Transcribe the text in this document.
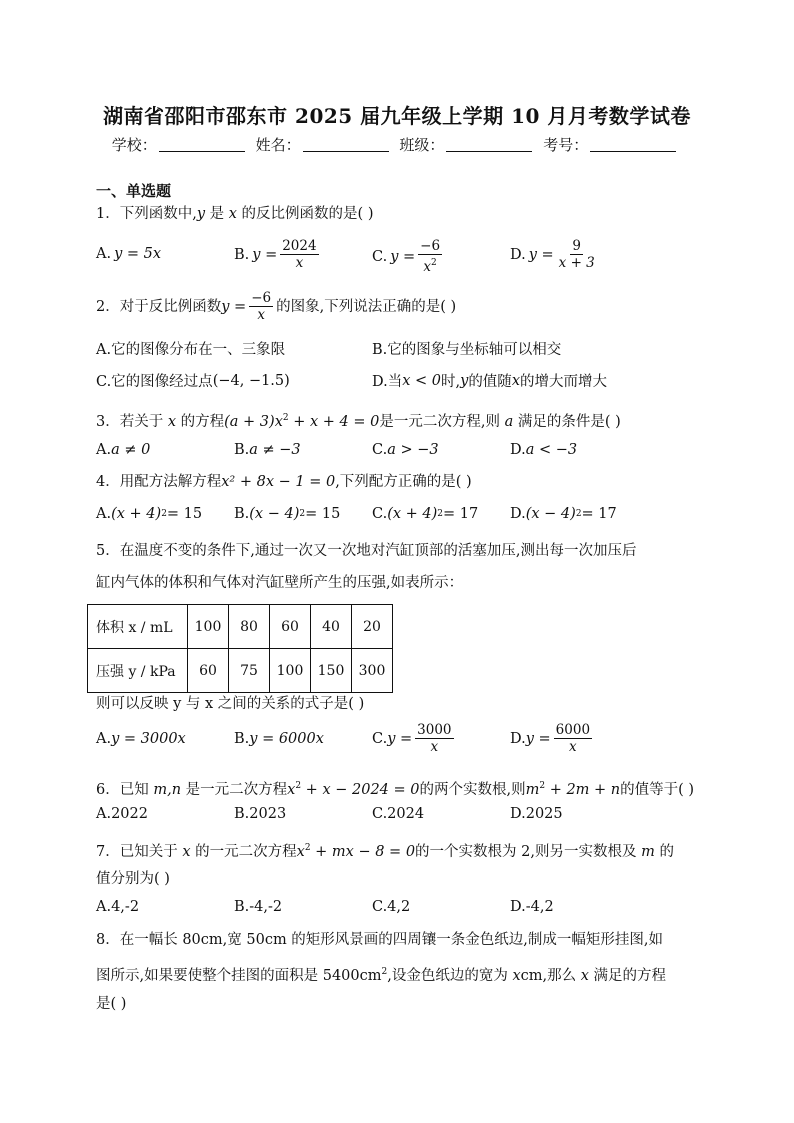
湖南省邵阳市邵东市 2025 届九年级上学期 10 月月考数学试卷
学校：	姓名：	班级：	考号：
一、单选题
1．下列函数中,y 是 x 的反比例函数的是( )
A. y = 5x	B. $y = \frac{2024}{x}$	C. $y = \frac{-6}{x^2}$	D. $y = \frac{9}{x + 3}$
2．对于反比例函数 $y = \frac{-6}{x}$ 的图象,下列说法正确的是( )
A.它的图像分布在一、三象限	B.它的图象与坐标轴可以相交
C.它的图像经过点 (−4, −1.5)	D.当 x < 0 时, y 的值随 x 的增大而增大
3．若关于 x 的方程$(a + 3)x^2 + x + 4 = 0$是一元二次方程,则 a 满足的条件是( )
A. a ≠ 0	B. a ≠ −3	C. a > −3	D. a < −3
4．用配方法解方程x² + 8x − 1 = 0,下列配方正确的是( )
A. (x + 4) 2 = 15 B. (x − 4) 2 = 15 C. (x + 4) 2 = 17 D. (x − 4) 2 = 17
5．在温度不变的条件下,通过一次又一次地对汽缸顶部的活塞加压,测出每一次加压后
缸内气体的体积和气体对汽缸壁所产生的压强,如表所示：
体积 x / mL	100	80	60	40	20
压强 y / kPa	60	75	100	150	300
则可以反映 y 与 x 之间的关系的式子是( )
A. y = 3000x	B. y = 6000x	C. $y = \frac{3000}{x}$	D. $y = \frac{6000}{x}$
6．已知 m,n 是一元二次方程$x^2 + x - 2024 = 0$的两个实数根,则$m^2 + 2m + n$的值等于( )
A.2022	B.2023	C.2024	D.2025
7．已知关于 x 的一元二次方程$x^2$ + mx − 8 = 0的一个实数根为 2,则另一实数根及 m 的
值分别为( )
A.4,-2	B.-4,-2	C.4,2	D.-4,2
8．在一幅长 80cm,宽 50cm 的矩形风景画的四周镶一条金色纸边,制成一幅矩形挂图,如
图所示,如果要使整个挂图的面积是 $5400cm^2$,设金色纸边的宽为 xcm,那么 x 满足的方程
是( )
